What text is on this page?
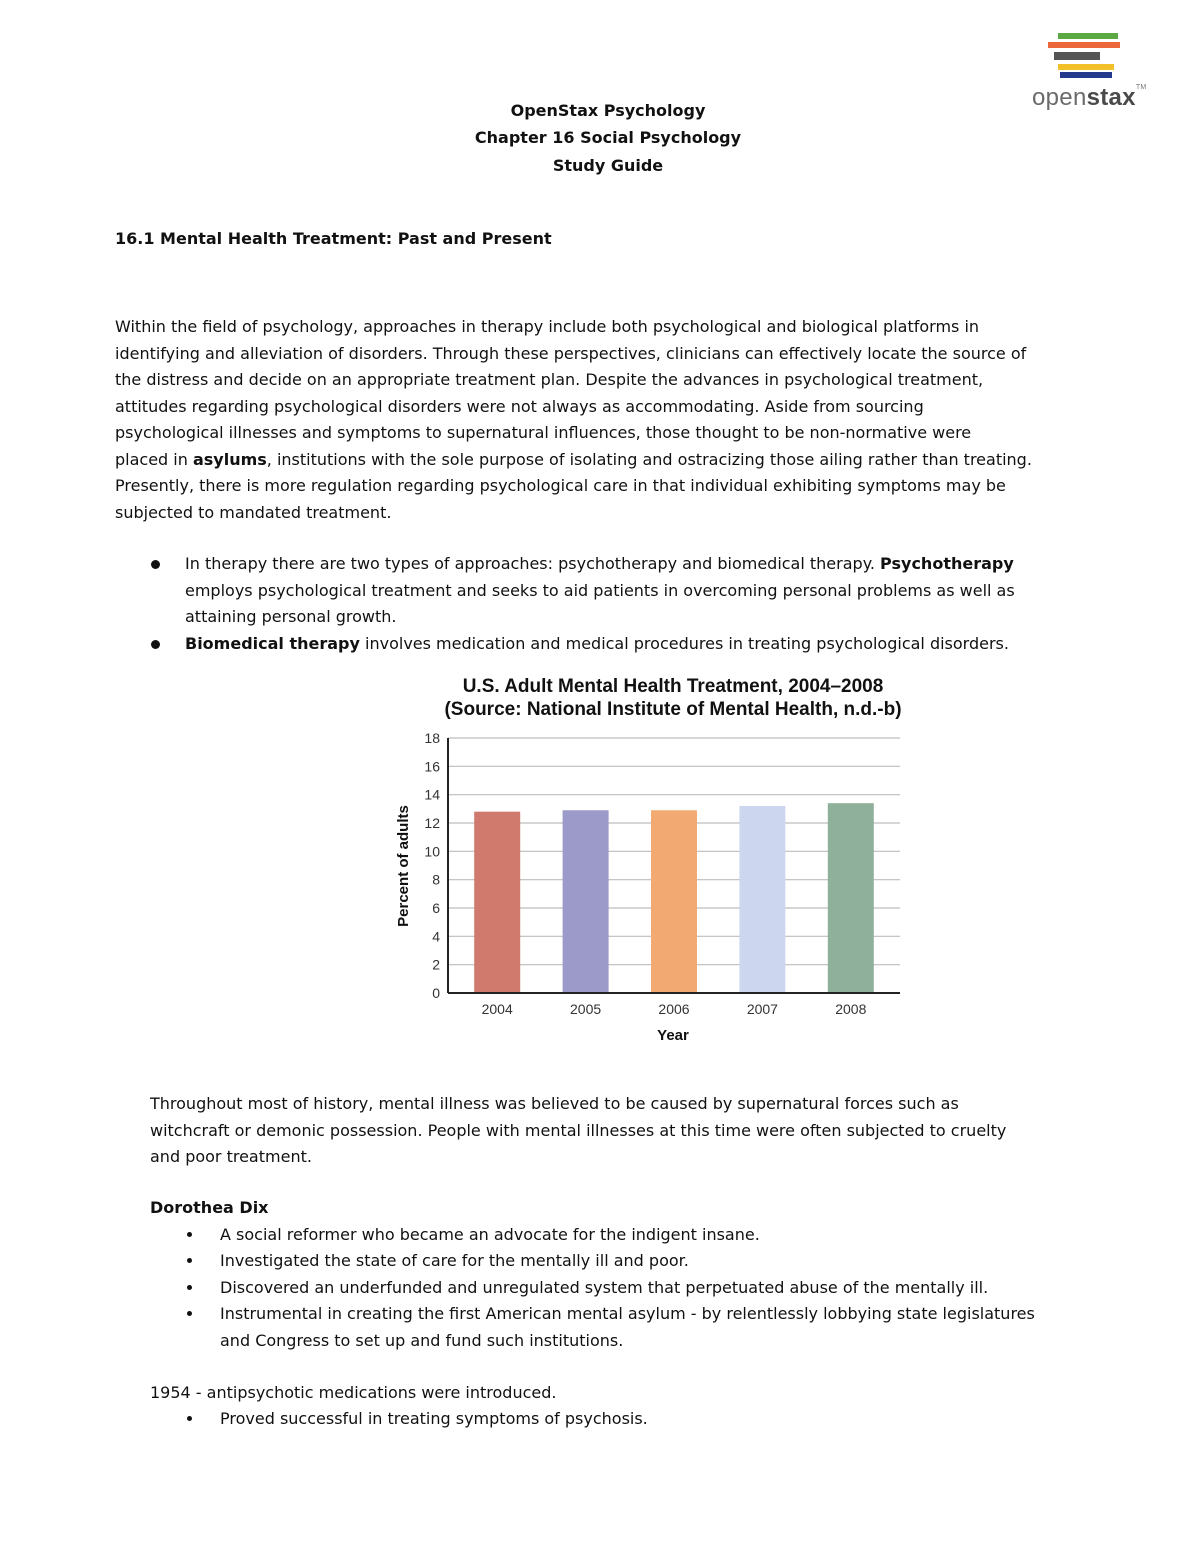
openstax™
OpenStax Psychology
Chapter 16 Social Psychology
Study Guide
16.1 Mental Health Treatment: Past and Present
Within the field of psychology, approaches in therapy include both psychological and biological platforms in
identifying and alleviation of disorders. Through these perspectives, clinicians can effectively locate the source of
the distress and decide on an appropriate treatment plan. Despite the advances in psychological treatment,
attitudes regarding psychological disorders were not always as accommodating. Aside from sourcing
psychological illnesses and symptoms to supernatural influences, those thought to be non-normative were
placed in asylums, institutions with the sole purpose of isolating and ostracizing those ailing rather than treating.
Presently, there is more regulation regarding psychological care in that individual exhibiting symptoms may be
subjected to mandated treatment.
In therapy there are two types of approaches: psychotherapy and biomedical therapy. Psychotherapy
employs psychological treatment and seeks to aid patients in overcoming personal problems as well as
attaining personal growth.
Biomedical therapy involves medication and medical procedures in treating psychological disorders.
U.S. Adult Mental Health Treatment, 2004–2008
(Source: National Institute of Mental Health, n.d.-b)
0
2
4
6
8
10
12
14
16
18
2004	2005	2006	2007	2008
Year
Percent of adults
Throughout most of history, mental illness was believed to be caused by supernatural forces such as
witchcraft or demonic possession. People with mental illnesses at this time were often subjected to cruelty
and poor treatment.
Dorothea Dix
A social reformer who became an advocate for the indigent insane.
Investigated the state of care for the mentally ill and poor.
Discovered an underfunded and unregulated system that perpetuated abuse of the mentally ill.
Instrumental in creating the first American mental asylum - by relentlessly lobbying state legislatures
and Congress to set up and fund such institutions.
1954 - antipsychotic medications were introduced.
Proved successful in treating symptoms of psychosis.
